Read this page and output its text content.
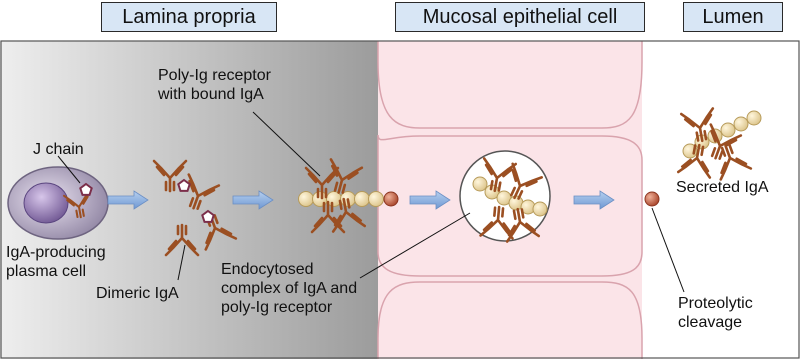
Lamina propria	Mucosal epithelial cell	Lumen
J chain
IgA-producing
plasma cell
Dimeric IgA
Poly-Ig receptor
with bound IgA
Endocytosed
complex of IgA and
poly-Ig receptor	Proteolytic
cleavage
Secreted IgA
